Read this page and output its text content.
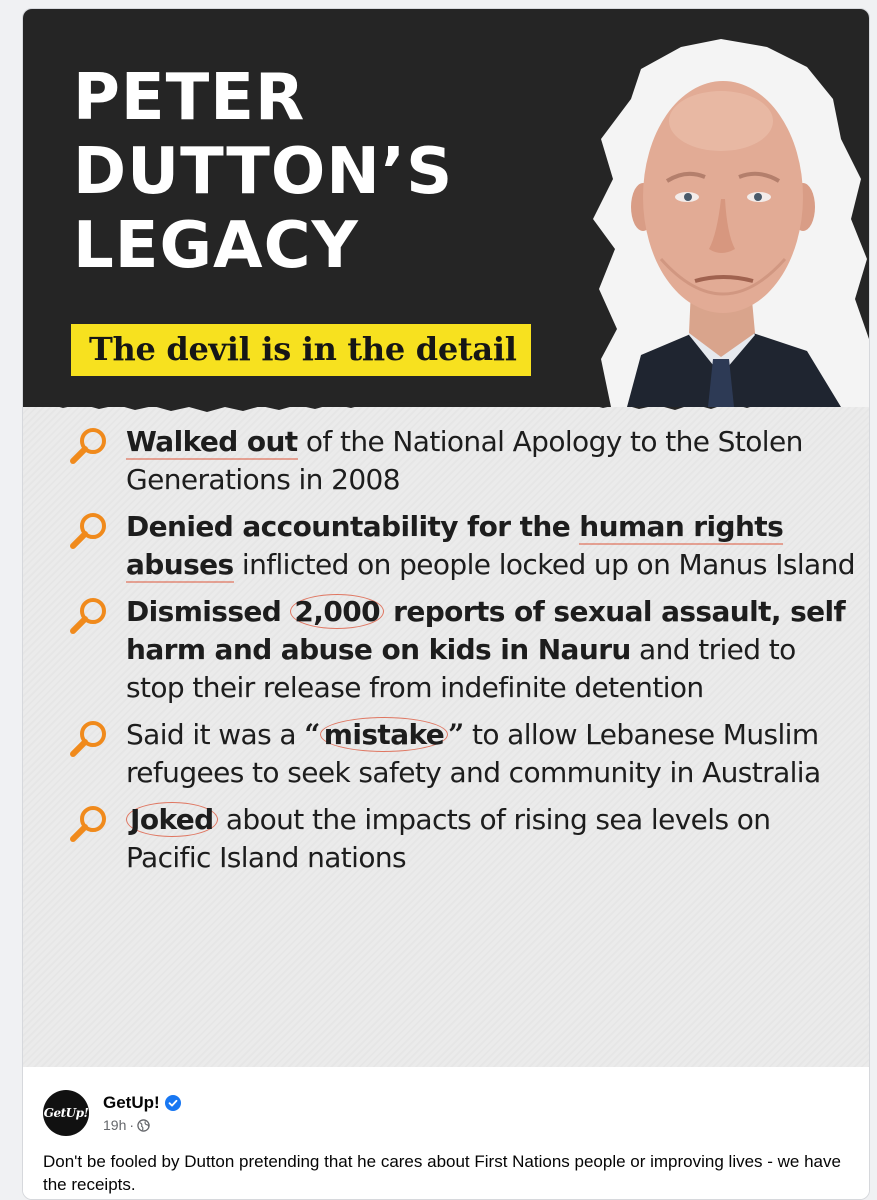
PETER
DUTTON’S
LEGACY
The devil is in the detail
Walked out of the National Apology to the Stolen Generations in 2008
Denied accountability for the human rights abuses inflicted on people locked up on Manus Island
Dismissed 2,000 reports of sexual assault, self harm and abuse on kids in Nauru and tried to stop their release from indefinite detention
Said it was a “ mistake ” to allow Lebanese Muslim refugees to seek safety and community in Australia
Joked about the impacts of rising sea levels on Pacific Island nations
GetUp!
GetUp!
19h ·

Don't be fooled by Dutton pretending that he cares about First Nations people or improving lives - we have the receipts.
